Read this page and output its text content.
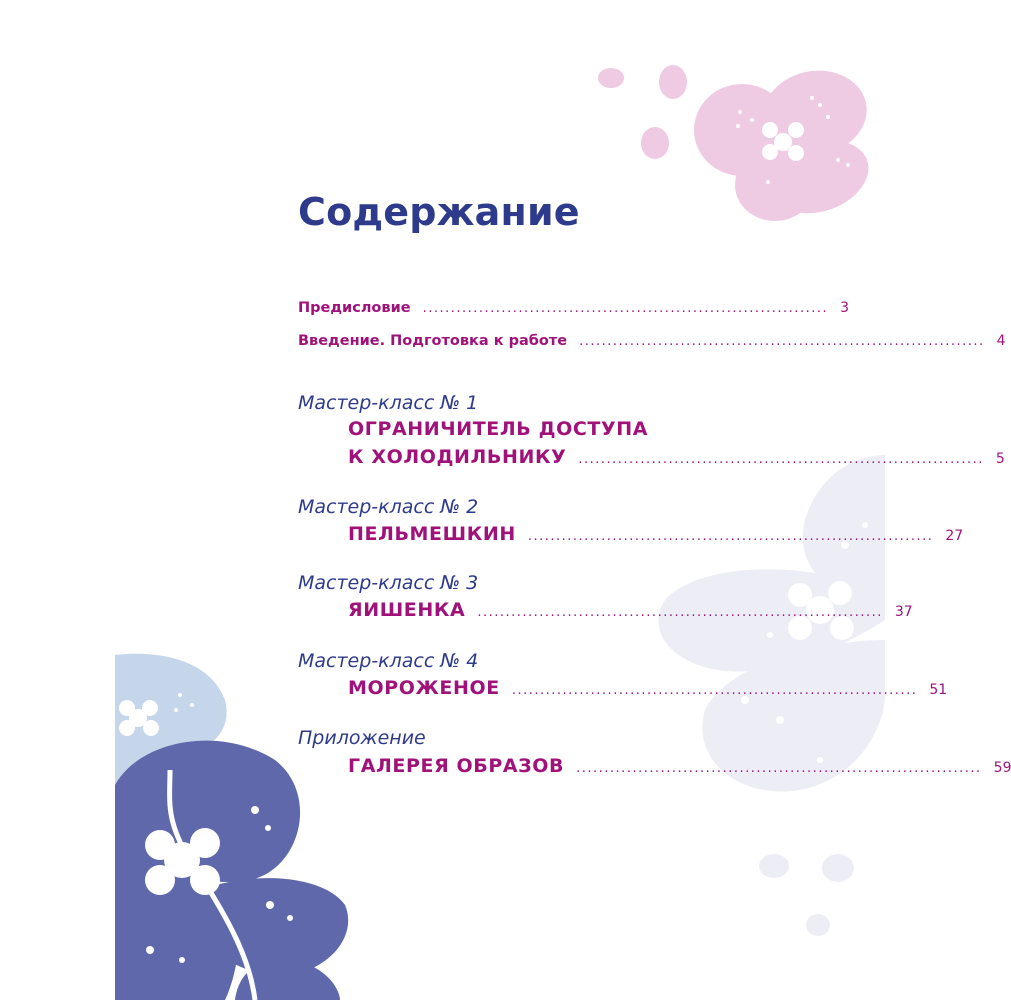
Содержание
Предисловие ........................................................................ 3
Введение. Подготовка к работе ........................................................................ 4
Мастер-класс № 1
ОГРАНИЧИТЕЛЬ ДОСТУПА
К ХОЛОДИЛЬНИКУ ........................................................................ 5
Мастер-класс № 2
ПЕЛЬМЕШКИН ........................................................................ 27
Мастер-класс № 3
ЯИШЕНКА ........................................................................ 37
Мастер-класс № 4
МОРОЖЕНОЕ ........................................................................ 51
Приложение
ГАЛЕРЕЯ ОБРАЗОВ ........................................................................ 59
